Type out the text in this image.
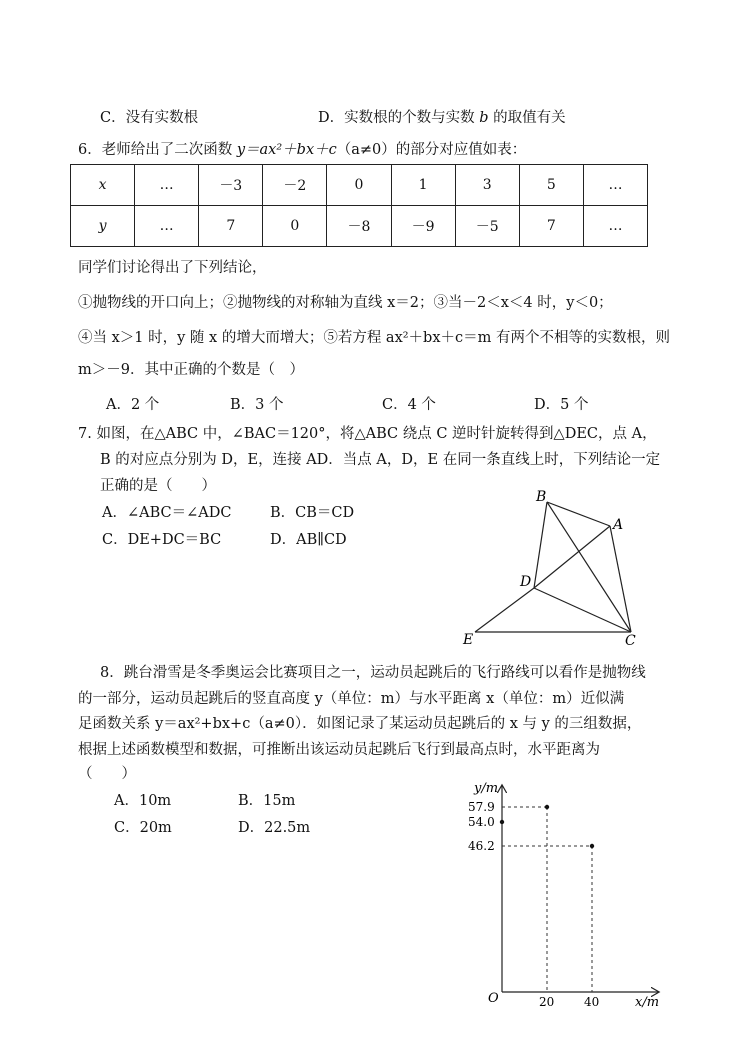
C．没有实数根	D．实数根的个数与实数 b 的取值有关
6．老师给出了二次函数 y＝ax²＋bx＋c（a≠0）的部分对应值如表：
x	…	－3	－2	0	1	3	5	…
y	…	7	0	－8	－9	－5	7	…
同学们讨论得出了下列结论，
①抛物线的开口向上；②抛物线的对称轴为直线 x＝2；③当－2＜x＜4 时，y＜0；
④当 x＞1 时，y 随 x 的增大而增大；⑤若方程 ax²＋bx＋c＝m 有两个不相等的实数根，则
m＞－9．其中正确的个数是（　）
A．2 个	B．3 个	C．4 个	D．5 个
7. 如图，在△ABC 中，∠BAC＝120°，将△ABC 绕点 C 逆时针旋转得到△DEC，点 A，
B 的对应点分别为 D，E，连接 AD．当点 A，D，E 在同一条直线上时，下列结论一定
正确的是（　　）
A．∠ABC＝∠ADC	B．CB＝CD
C．DE+DC＝BC	D．AB∥CD
B
A
D
E	C
8．跳台滑雪是冬季奥运会比赛项目之一，运动员起跳后的飞行路线可以看作是抛物线
的一部分，运动员起跳后的竖直高度 y（单位：m）与水平距离 x（单位：m）近似满
足函数关系 y＝ax²+bx+c（a≠0）．如图记录了某运动员起跳后的 x 与 y 的三组数据，
根据上述函数模型和数据，可推断出该运动员起跳后飞行到最高点时，水平距离为
（　　）
A．10m	B．15m
C．20m	D．22.5m
y/m
x/m
O
57.9
54.0
46.2
20 40
